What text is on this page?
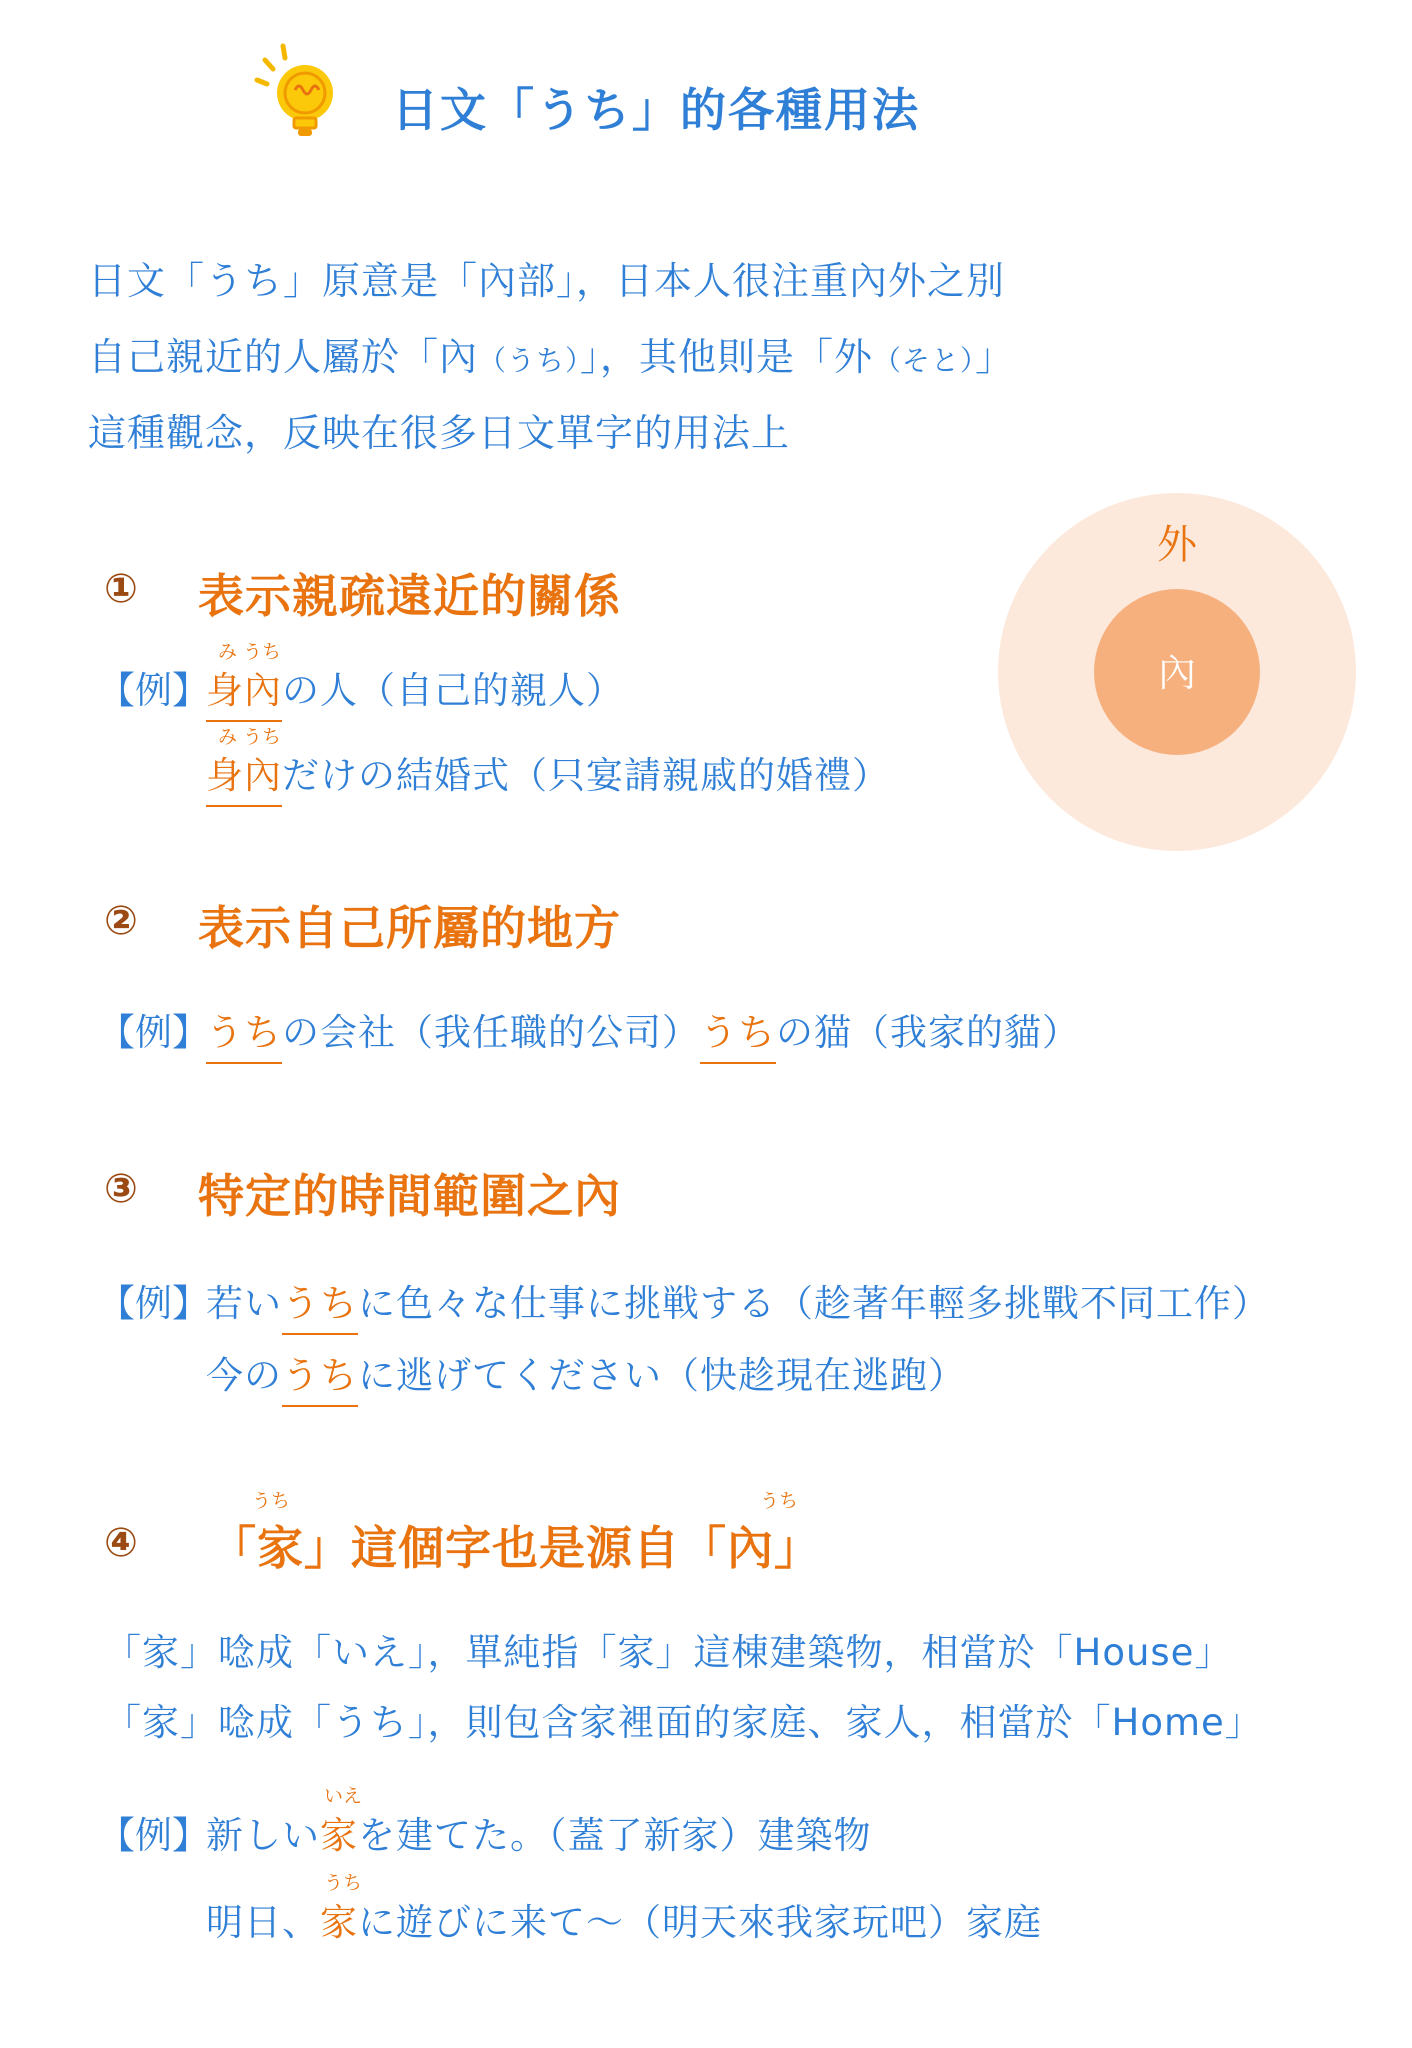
日文「うち」的各種用法
日文「うち」原意是「內部」，日本人很注重內外之別
自己親近的人屬於「內（うち）」，其他則是「外（そと）」
這種觀念，反映在很多日文單字的用法上
外
內
① 表示親疏遠近的關係
【例】
み うち
身內の人（自己的親人）
み うち
身內だけの結婚式（只宴請親戚的婚禮）
② 表示自己所屬的地方
【例】
うちの会社（我任職的公司）うちの猫（我家的貓）
③ 特定的時間範圍之內
【例】
若いうちに色々な仕事に挑戦する（趁著年輕多挑戰不同工作）
今のうちに逃げてください（快趁現在逃跑）
④
うち	うち
「家」這個字也是源自「內」
「家」唸成「いえ」，單純指「家」這棟建築物，相當於「House」
「家」唸成「うち」，則包含家裡面的家庭、家人，相當於「Home」
【例】
いえ
新しい家を建てた。（蓋了新家）建築物
うち
明日、家に遊びに来て～（明天來我家玩吧）家庭
